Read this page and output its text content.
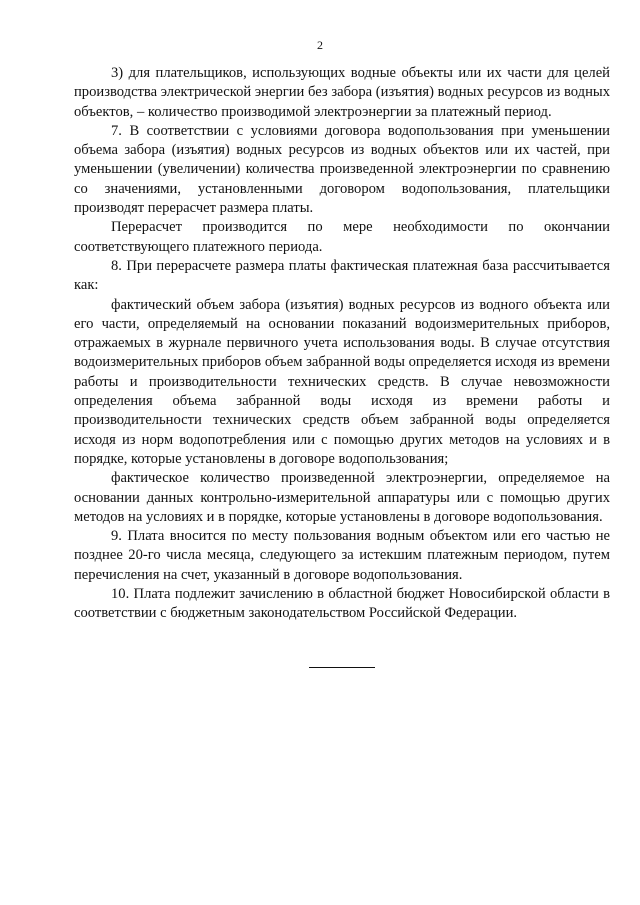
2

3) для плательщиков, использующих водные объекты или их части для целей производства электрической энергии без забора (изъятия) водных ресурсов из водных объектов, – количество производимой электроэнергии за платежный период.

7. В соответствии с условиями договора водопользования при уменьшении объема забора (изъятия) водных ресурсов из водных объектов или их частей, при уменьшении (увеличении) количества произведенной электроэнергии по сравнению со значениями, установленными договором водопользования, плательщики производят перерасчет размера платы.

Перерасчет производится по мере необходимости по окончании соответствующего платежного периода.

8. При перерасчете размера платы фактическая платежная база рассчитывается как:

фактический объем забора (изъятия) водных ресурсов из водного объекта или его части, определяемый на основании показаний водоизмерительных приборов, отражаемых в журнале первичного учета использования воды. В случае отсутствия водоизмерительных приборов объем забранной воды определяется исходя из времени работы и производительности технических средств. В случае невозможности определения объема забранной воды исходя из времени работы и производительности технических средств объем забранной воды определяется исходя из норм водопотребления или с помощью других методов на условиях и в порядке, которые установлены в договоре водопользования;

фактическое количество произведенной электроэнергии, определяемое на основании данных контрольно-измерительной аппаратуры или с помощью других методов на условиях и в порядке, которые установлены в договоре водопользования.

9. Плата вносится по месту пользования водным объектом или его частью не позднее 20-го числа месяца, следующего за истекшим платежным периодом, путем перечисления на счет, указанный в договоре водопользования.

10. Плата подлежит зачислению в областной бюджет Новосибирской области в соответствии с бюджетным законодательством Российской Федерации.
